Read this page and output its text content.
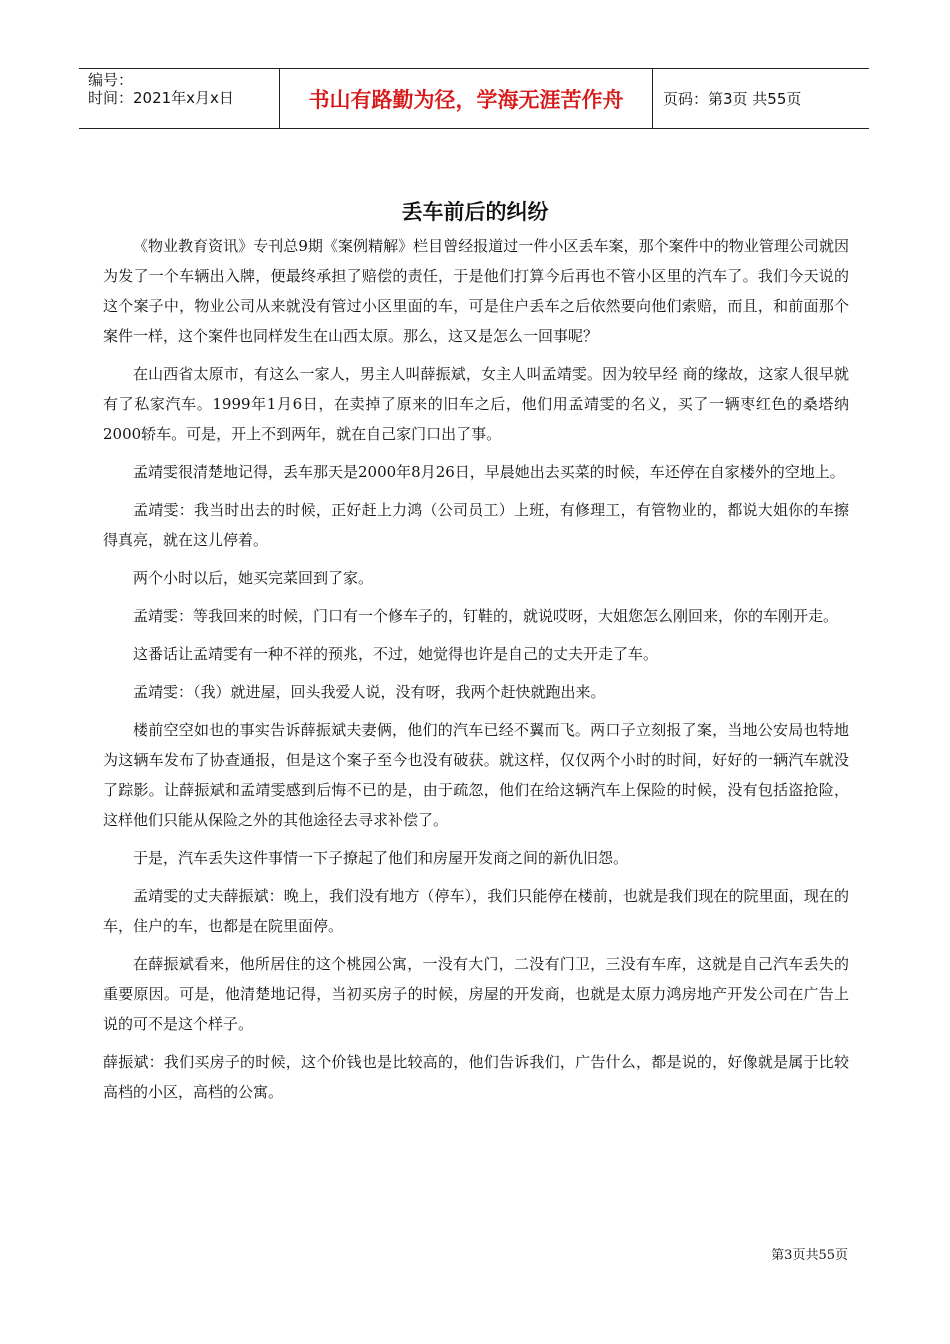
编号：
时间：2021年x月x日	书山有路勤为径，学海无涯苦作舟	页码：第3页 共55页
丢车前后的纠纷

《物业教育资讯》专刊总9期《案例精解》栏目曾经报道过一件小区丢车案，那个案件中的物业管理公司就因为发了一个车辆出入牌，便最终承担了赔偿的责任，于是他们打算今后再也不管小区里的汽车了。我们今天说的这个案子中，物业公司从来就没有管过小区里面的车，可是住户丢车之后依然要向他们索赔，而且，和前面那个案件一样，这个案件也同样发生在山西太原。那么，这又是怎么一回事呢？

在山西省太原市，有这么一家人，男主人叫薛振斌，女主人叫孟靖雯。因为较早经 商的缘故，这家人很早就有了私家汽车。1999年1月6日，在卖掉了原来的旧车之后，他们用孟靖雯的名义，买了一辆枣红色的桑塔纳2000轿车。可是，开上不到两年，就在自己家门口出了事。

孟靖雯很清楚地记得，丢车那天是2000年8月26日，早晨她出去买菜的时候，车还停在自家楼外的空地上。

孟靖雯：我当时出去的时候，正好赶上力鸿（公司员工）上班，有修理工，有管物业的，都说大姐你的车擦得真亮，就在这儿停着。

两个小时以后，她买完菜回到了家。

孟靖雯：等我回来的时候，门口有一个修车子的，钉鞋的，就说哎呀，大姐您怎么刚回来，你的车刚开走。

这番话让孟靖雯有一种不祥的预兆，不过，她觉得也许是自己的丈夫开走了车。

孟靖雯：（我）就进屋，回头我爱人说，没有呀，我两个赶快就跑出来。

楼前空空如也的事实告诉薛振斌夫妻俩，他们的汽车已经不翼而飞。两口子立刻报了案，当地公安局也特地为这辆车发布了协查通报，但是这个案子至今也没有破获。就这样，仅仅两个小时的时间，好好的一辆汽车就没了踪影。让薛振斌和孟靖雯感到后悔不已的是，由于疏忽，他们在给这辆汽车上保险的时候，没有包括盗抢险，这样他们只能从保险之外的其他途径去寻求补偿了。

于是，汽车丢失这件事情一下子撩起了他们和房屋开发商之间的新仇旧怨。

孟靖雯的丈夫薛振斌：晚上，我们没有地方（停车），我们只能停在楼前，也就是我们现在的院里面，现在的车，住户的车，也都是在院里面停。

在薛振斌看来，他所居住的这个桃园公寓，一没有大门，二没有门卫，三没有车库，这就是自己汽车丢失的重要原因。可是，他清楚地记得，当初买房子的时候，房屋的开发商，也就是太原力鸿房地产开发公司在广告上说的可不是这个样子。

薛振斌：我们买房子的时候，这个价钱也是比较高的，他们告诉我们，广告什么，都是说的，好像就是属于比较高档的小区，高档的公寓。

第3页共55页
